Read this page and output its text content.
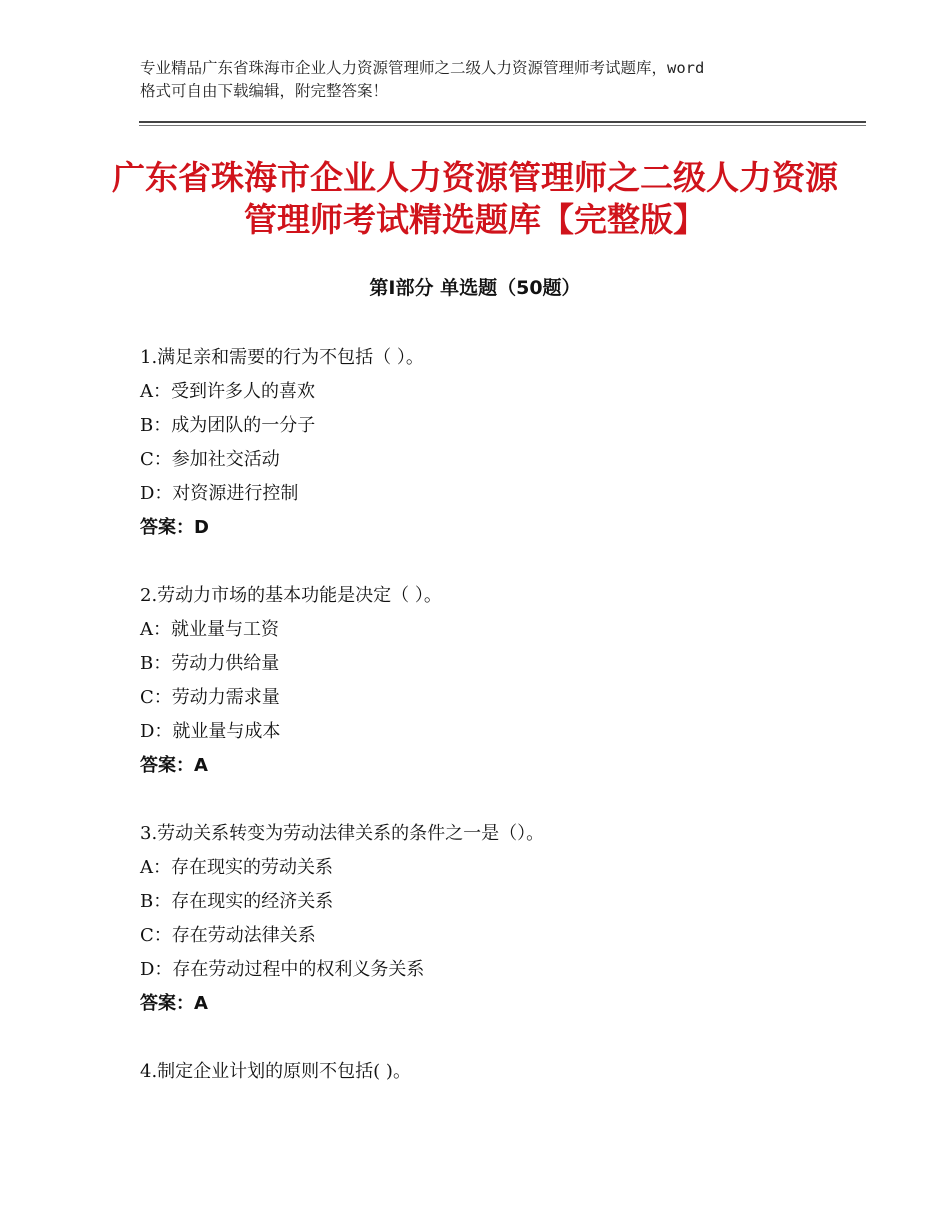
专业精品广东省珠海市企业人力资源管理师之二级人力资源管理师考试题库，word
格式可自由下载编辑，附完整答案！
广东省珠海市企业人力资源管理师之二级人力资源管理师考试精选题库【完整版】
第Ⅰ部分 单选题（50题）
1.满足亲和需要的行为不包括（ ）。
A：受到许多人的喜欢
B：成为团队的一分子
C：参加社交活动
D：对资源进行控制
答案：D
2.劳动力市场的基本功能是决定（ ）。
A：就业量与工资
B：劳动力供给量
C：劳动力需求量
D：就业量与成本
答案：A
3.劳动关系转变为劳动法律关系的条件之一是（）。
A：存在现实的劳动关系
B：存在现实的经济关系
C：存在劳动法律关系
D：存在劳动过程中的权利义务关系
答案：A
4.制定企业计划的原则不包括( )。
